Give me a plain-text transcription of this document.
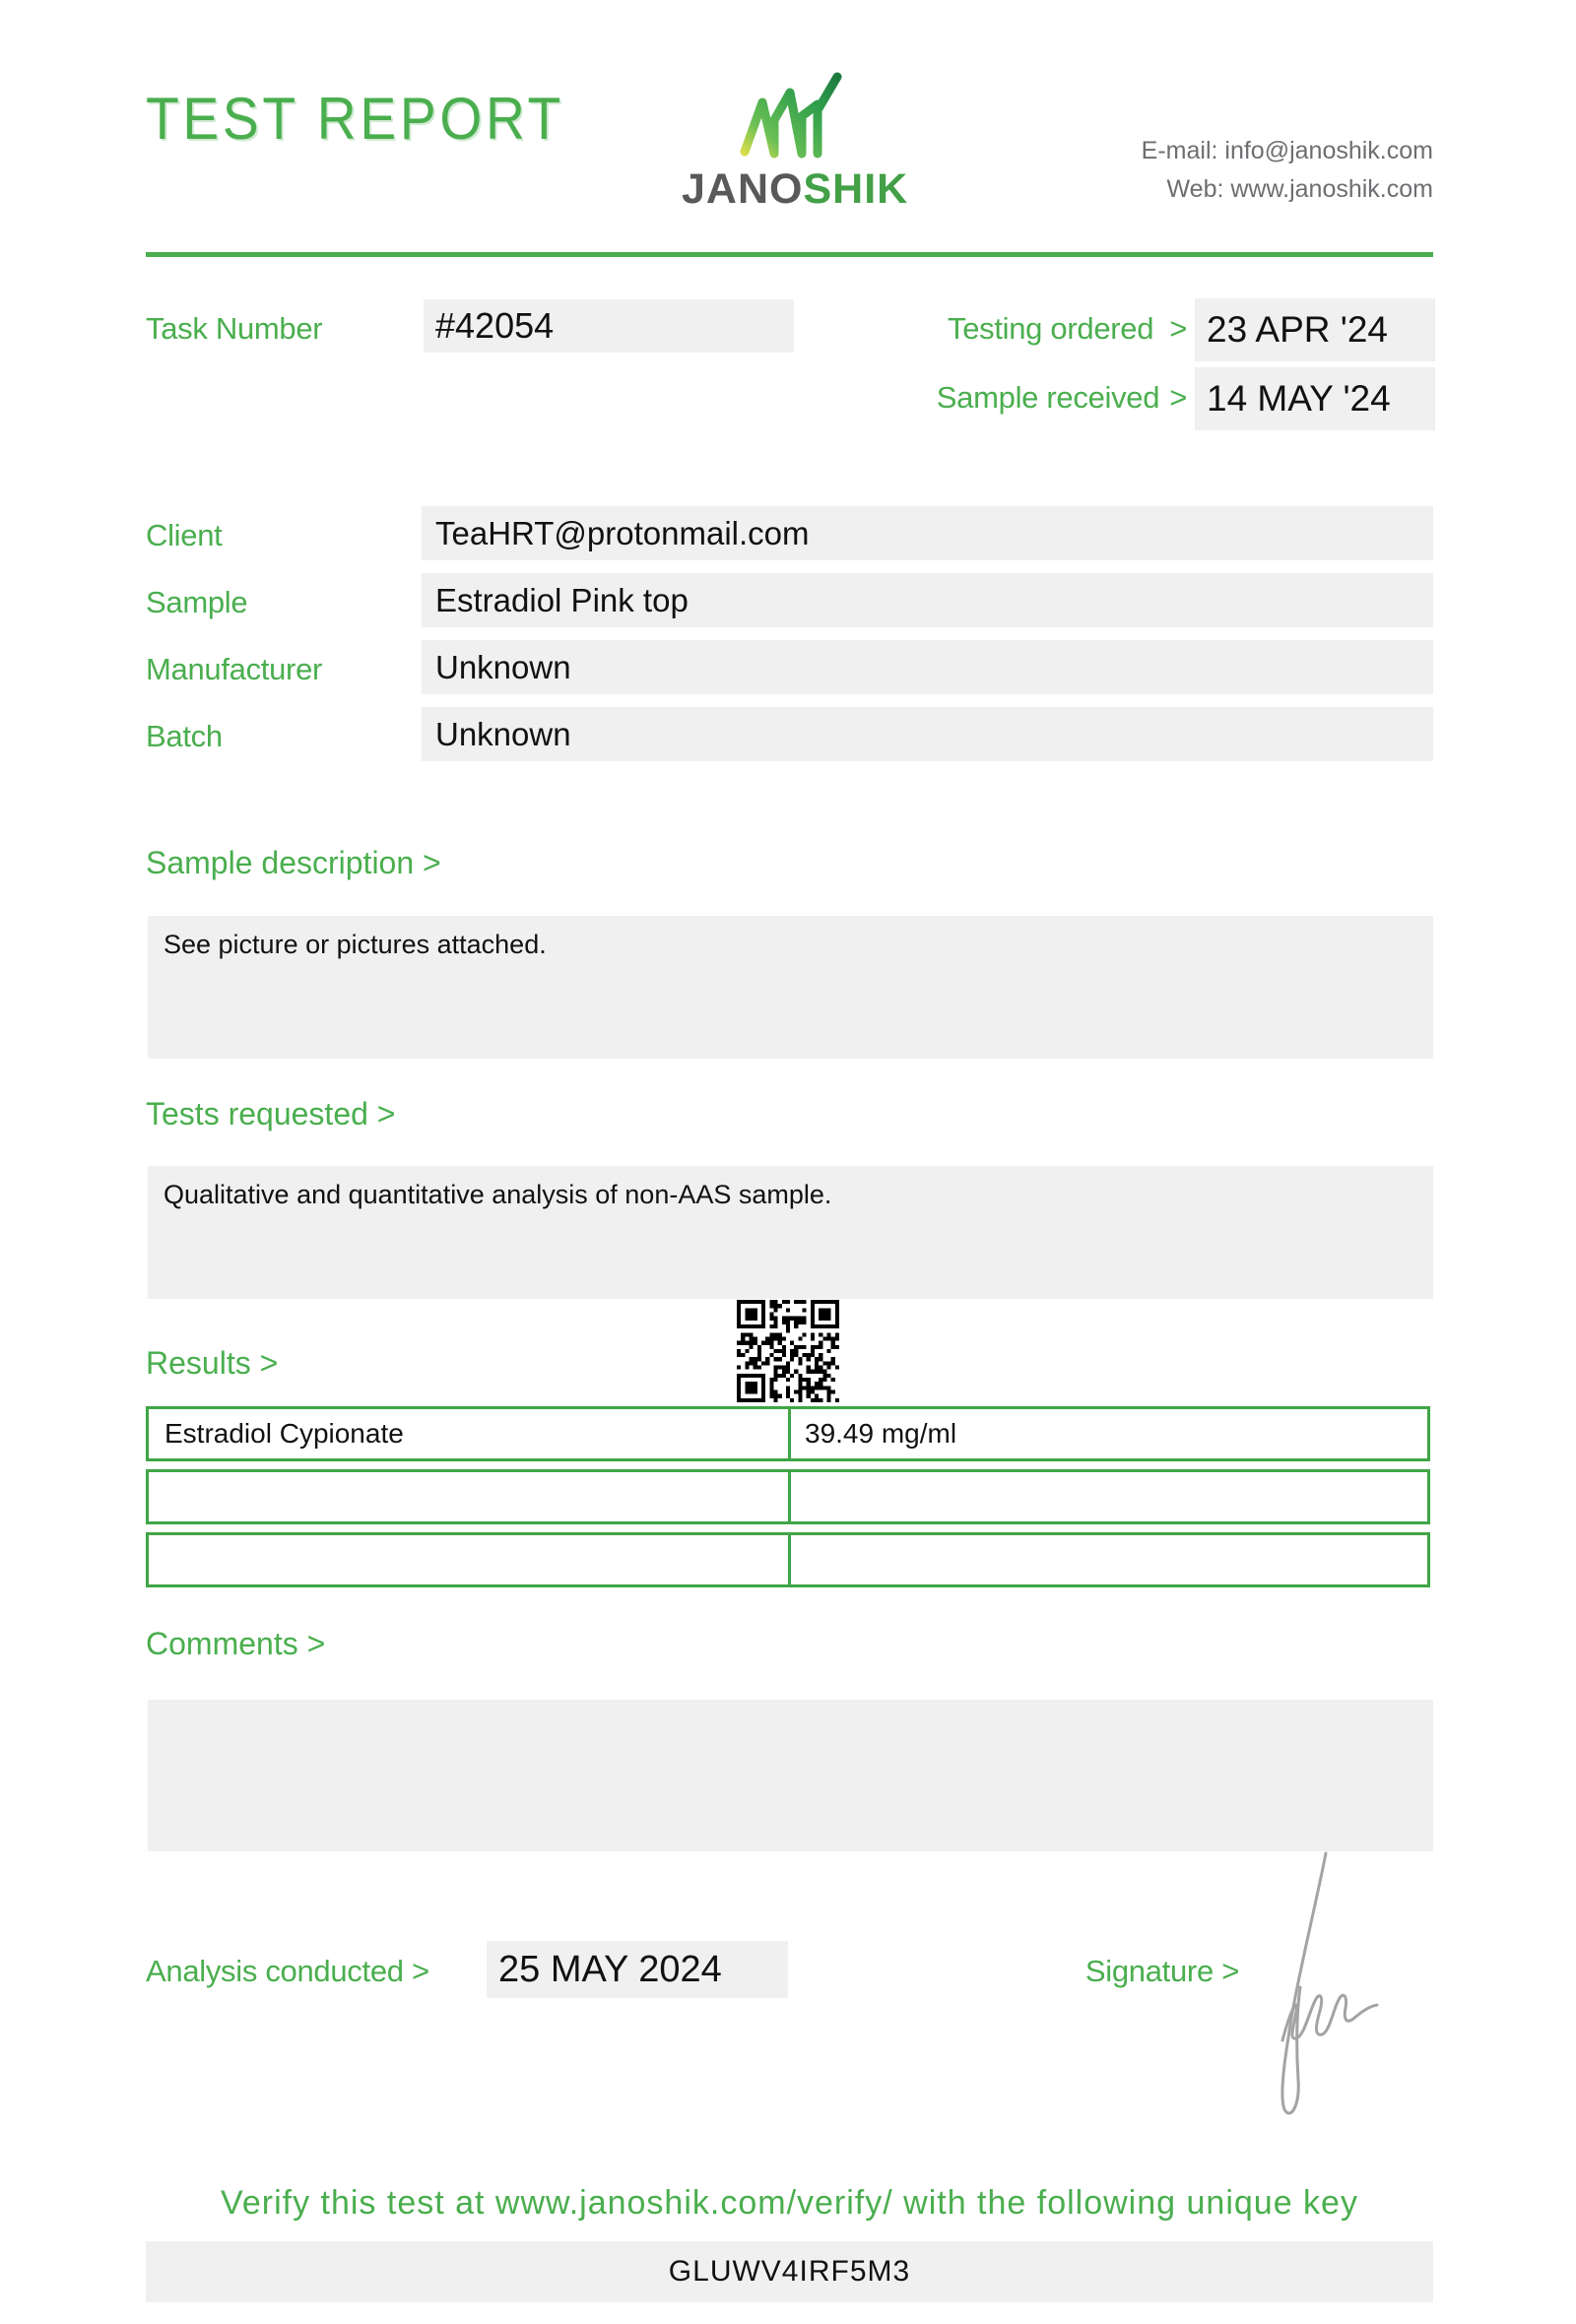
TEST REPORT
JANOSHIK
E-mail: info@janoshik.com
Web: www.janoshik.com
Task Number	#42054	Testing ordered > 23 APR '24
Sample received > 14 MAY '24
Client	TeaHRT@protonmail.com
Sample	Estradiol Pink top
Manufacturer	Unknown
Batch	Unknown
Sample description >
See picture or pictures attached.
Tests requested >
Qualitative and quantitative analysis of non-AAS sample.
Results >
Estradiol Cypionate	39.49 mg/ml
Comments >
Analysis conducted >	25 MAY 2024	Signature >
Verify this test at www.janoshik.com/verify/ with the following unique key
GLUWV4IRF5M3
